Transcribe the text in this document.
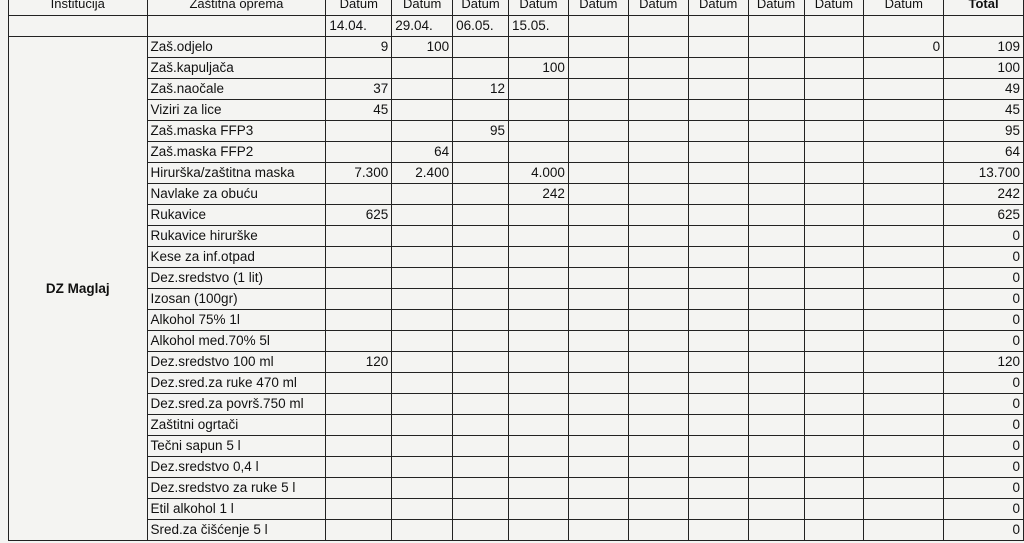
Institucija	Zaštitna oprema	Datum	Datum	Datum	Datum	Datum	Datum	Datum	Datum	Datum	Datum	Total
		14.04.	29.04.	06.05.	15.05.							
DZ Maglaj	Zaš.odjelo	9	100								0	109
	Zaš.kapuljača				100							100
	Zaš.naočale	37		12								49
	Viziri za lice	45										45
	Zaš.maska FFP3			95								95
	Zaš.maska FFP2		64									64
	Hirurška/zaštitna maska	7.300	2.400		4.000							13.700
	Navlake za obuću				242							242
	Rukavice	625										625
	Rukavice hirurške											0
	Kese za inf.otpad											0
	Dez.sredstvo (1 lit)											0
	Izosan (100gr)											0
	Alkohol 75% 1l											0
	Alkohol med.70% 5l											0
	Dez.sredstvo 100 ml	120										120
	Dez.sred.za ruke 470 ml											0
	Dez.sred.za površ.750 ml											0
	Zaštitni ogrtači											0
	Tečni sapun 5 l											0
	Dez.sredstvo 0,4 l											0
	Dez.sredstvo za ruke 5 l											0
	Etil alkohol 1 l											0
	Sred.za čišćenje 5 l											0
